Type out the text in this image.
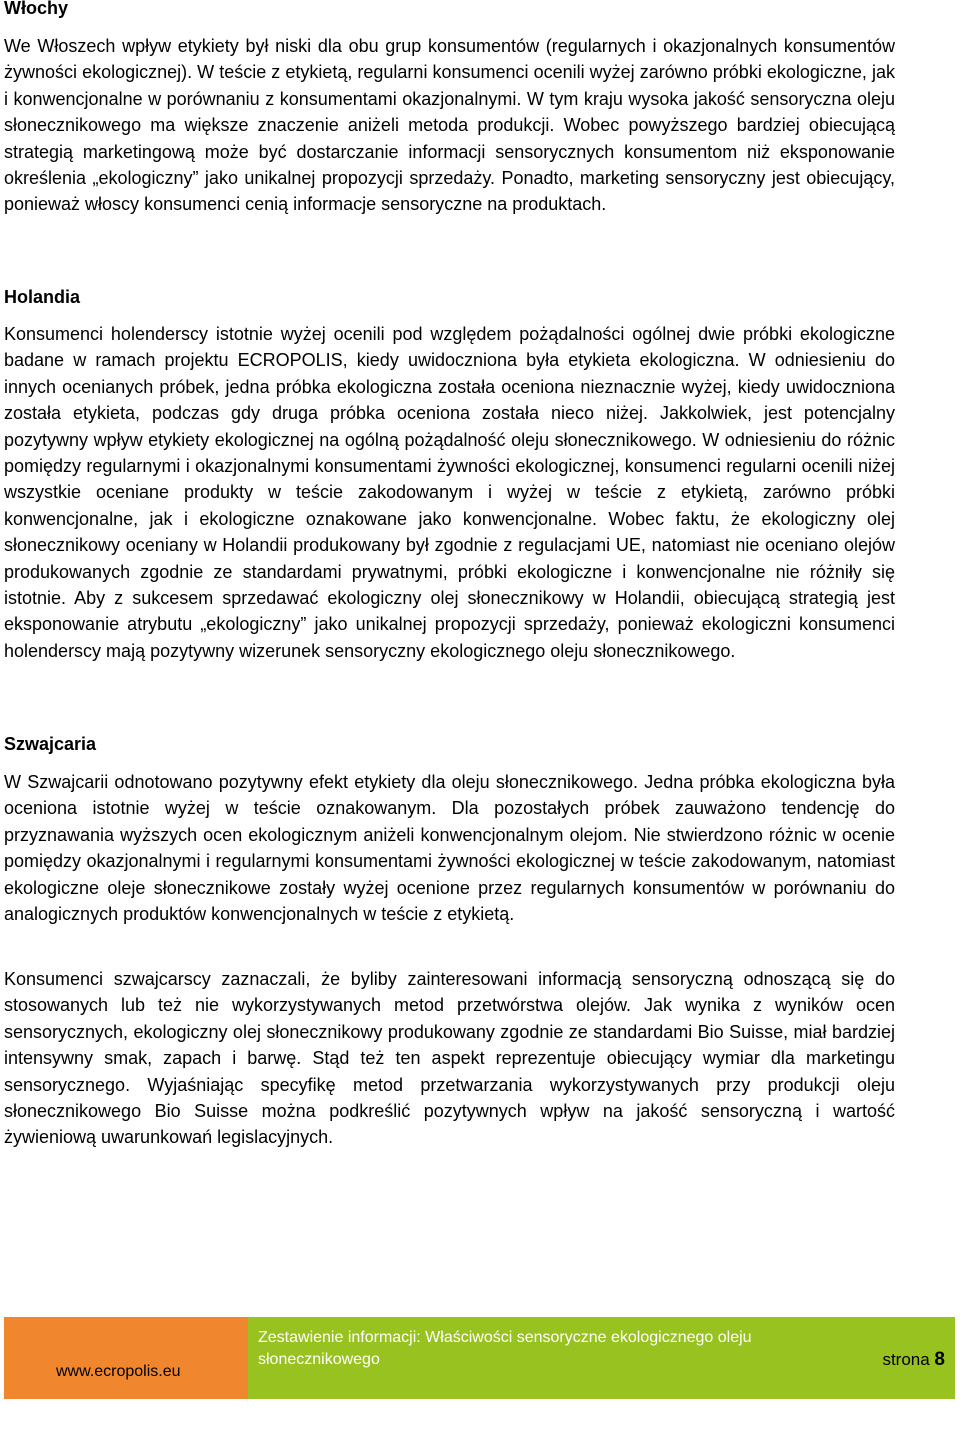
Włochy

We Włoszech wpływ etykiety był niski dla obu grup konsumentów (regularnych i okazjonalnych konsumentów żywności ekologicznej). W teście z etykietą, regularni konsumenci ocenili wyżej zarówno próbki ekologiczne, jak i konwencjonalne w porównaniu z konsumentami okazjonalnymi. W tym kraju wysoka jakość sensoryczna oleju słonecznikowego ma większe znaczenie aniżeli metoda produkcji. Wobec powyższego bardziej obiecującą strategią marketingową może być dostarczanie informacji sensorycznych konsumentom niż eksponowanie określenia „ekologiczny” jako unikalnej propozycji sprzedaży. Ponadto, marketing sensoryczny jest obiecujący, ponieważ włoscy konsumenci cenią informacje sensoryczne na produktach.

Holandia

Konsumenci holenderscy istotnie wyżej ocenili pod względem pożądalności ogólnej dwie próbki ekologiczne badane w ramach projektu ECROPOLIS, kiedy uwidoczniona była etykieta ekologiczna. W odniesieniu do innych ocenianych próbek, jedna próbka ekologiczna została oceniona nieznacznie wyżej, kiedy uwidoczniona została etykieta, podczas gdy druga próbka oceniona została nieco niżej. Jakkolwiek, jest potencjalny pozytywny wpływ etykiety ekologicznej na ogólną pożądalność oleju słonecznikowego. W odniesieniu do różnic pomiędzy regularnymi i okazjonalnymi konsumentami żywności ekologicznej, konsumenci regularni ocenili niżej wszystkie oceniane produkty w teście zakodowanym i wyżej w teście z etykietą, zarówno próbki konwencjonalne, jak i ekologiczne oznakowane jako konwencjonalne. Wobec faktu, że ekologiczny olej słonecznikowy oceniany w Holandii produkowany był zgodnie z regulacjami UE, natomiast nie oceniano olejów produkowanych zgodnie ze standardami prywatnymi, próbki ekologiczne i konwencjonalne nie różniły się istotnie. Aby z sukcesem sprzedawać ekologiczny olej słonecznikowy w Holandii, obiecującą strategią jest eksponowanie atrybutu „ekologiczny” jako unikalnej propozycji sprzedaży, ponieważ ekologiczni konsumenci holenderscy mają pozytywny wizerunek sensoryczny ekologicznego oleju słonecznikowego.

Szwajcaria

W Szwajcarii odnotowano pozytywny efekt etykiety dla oleju słonecznikowego. Jedna próbka ekologiczna była oceniona istotnie wyżej w teście oznakowanym. Dla pozostałych próbek zauważono tendencję do przyznawania wyższych ocen ekologicznym aniżeli konwencjonalnym olejom. Nie stwierdzono różnic w ocenie pomiędzy okazjonalnymi i regularnymi konsumentami żywności ekologicznej w teście zakodowanym, natomiast ekologiczne oleje słonecznikowe zostały wyżej ocenione przez regularnych konsumentów w porównaniu do analogicznych produktów konwencjonalnych w teście z etykietą.

Konsumenci szwajcarscy zaznaczali, że byliby zainteresowani informacją sensoryczną odnoszącą się do stosowanych lub też nie wykorzystywanych metod przetwórstwa olejów. Jak wynika z wyników ocen sensorycznych, ekologiczny olej słonecznikowy produkowany zgodnie ze standardami Bio Suisse, miał bardziej intensywny smak, zapach i barwę. Stąd też ten aspekt reprezentuje obiecujący wymiar dla marketingu sensorycznego. Wyjaśniając specyfikę metod przetwarzania wykorzystywanych przy produkcji oleju słonecznikowego Bio Suisse można podkreślić pozytywnych wpływ na jakość sensoryczną i wartość żywieniową uwarunkowań legislacyjnych.

www.ecropolis.eu
Zestawienie informacji: Właściwości sensoryczne ekologicznego oleju słonecznikowego	strona 8
